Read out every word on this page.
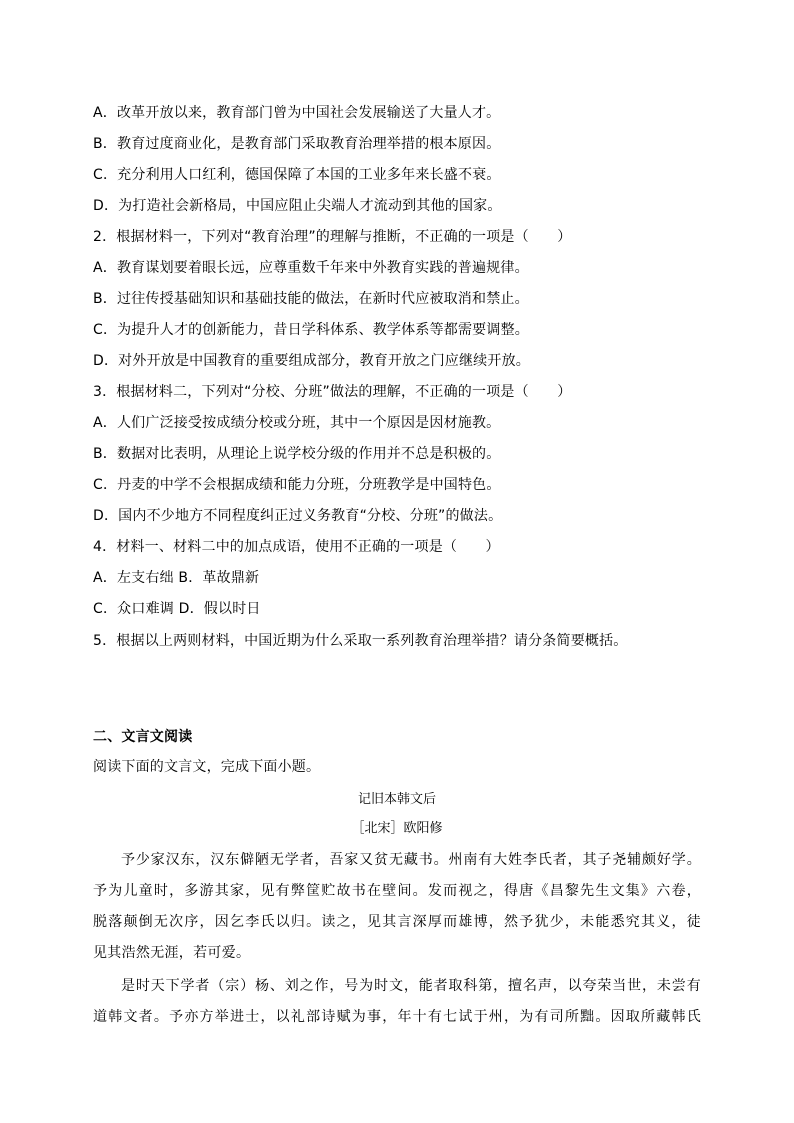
A．改革开放以来，教育部门曾为中国社会发展输送了大量人才。
B．教育过度商业化，是教育部门采取教育治理举措的根本原因。
C．充分利用人口红利，德国保障了本国的工业多年来长盛不衰。
D．为打造社会新格局，中国应阻止尖端人才流动到其他的国家。
2．根据材料一，下列对“教育治理”的理解与推断，不正确的一项是（　　）
A．教育谋划要着眼长远，应尊重数千年来中外教育实践的普遍规律。
B．过往传授基础知识和基础技能的做法，在新时代应被取消和禁止。
C．为提升人才的创新能力，昔日学科体系、教学体系等都需要调整。
D．对外开放是中国教育的重要组成部分，教育开放之门应继续开放。
3．根据材料二，下列对“分校、分班”做法的理解，不正确的一项是（　　）
A．人们广泛接受按成绩分校或分班，其中一个原因是因材施教。
B．数据对比表明，从理论上说学校分级的作用并不总是积极的。
C．丹麦的中学不会根据成绩和能力分班，分班教学是中国特色。
D．国内不少地方不同程度纠正过义务教育“分校、分班”的做法。
4．材料一、材料二中的加点成语，使用不正确的一项是（　　）
A．左支右绌 B．革故鼎新
C．众口难调 D．假以时日
5．根据以上两则材料，中国近期为什么采取一系列教育治理举措？请分条简要概括。
二、文言文阅读
阅读下面的文言文，完成下面小题。
记旧本韩文后
［北宋］欧阳修
予少家汉东，汉东僻陋无学者，吾家又贫无藏书。州南有大姓李氏者，其子尧辅颇好学。
予为儿童时，多游其家，见有弊筐贮故书在壁间。发而视之，得唐《昌黎先生文集》六卷，
脱落颠倒无次序，因乞李氏以归。读之，见其言深厚而雄博，然予犹少，未能悉究其义，徒
见其浩然无涯，若可爱。
是时天下学者（宗）杨、刘之作，号为时文，能者取科第，擅名声，以夸荣当世，未尝有
道韩文者。予亦方举进士，以礼部诗赋为事，年十有七试于州，为有司所黜。因取所藏韩氏
